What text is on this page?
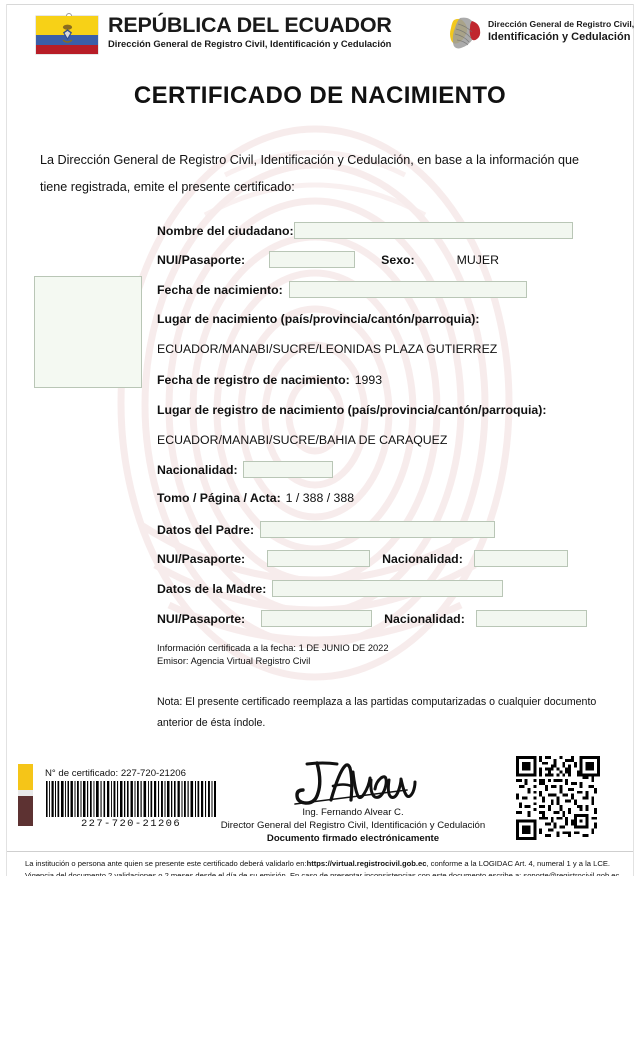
REPÚBLICA DEL ECUADOR
Dirección General de Registro Civil, Identificación y Cedulación
Dirección General de Registro Civil,
Identificación y Cedulación
CERTIFICADO DE NACIMIENTO
La Dirección General de Registro Civil, Identificación y Cedulación, en base a la información que tiene registrada, emite el presente certificado:
Nombre del ciudadano:
NUI/Pasaporte:	Sexo:	MUJER
Fecha de nacimiento:
Lugar de nacimiento (país/provincia/cantón/parroquia):
ECUADOR/MANABI/SUCRE/LEONIDAS PLAZA GUTIERREZ
Fecha de registro de nacimiento: 1993
Lugar de registro de nacimiento (país/provincia/cantón/parroquia):
ECUADOR/MANABI/SUCRE/BAHIA DE CARAQUEZ
Nacionalidad:
Tomo / Página / Acta: 1 / 388 / 388
Datos del Padre:
NUI/Pasaporte:	Nacionalidad:
Datos de la Madre:
NUI/Pasaporte:	Nacionalidad:
Información certificada a la fecha: 1 DE JUNIO DE 2022
Emisor: Agencia Virtual Registro Civil
Nota: El presente certificado reemplaza a las partidas computarizadas o cualquier documento anterior de ésta índole.
N° de certificado: 227-720-21206
227-720-21206
Ing. Fernando Alvear C.
Director General del Registro Civil, Identificación y Cedulación
Documento firmado electrónicamente
La institución o persona ante quien se presente este certificado deberá validarlo en:https://virtual.registrocivil.gob.ec, conforme a la LOGIDAC Art. 4, numeral 1 y a la LCE.
